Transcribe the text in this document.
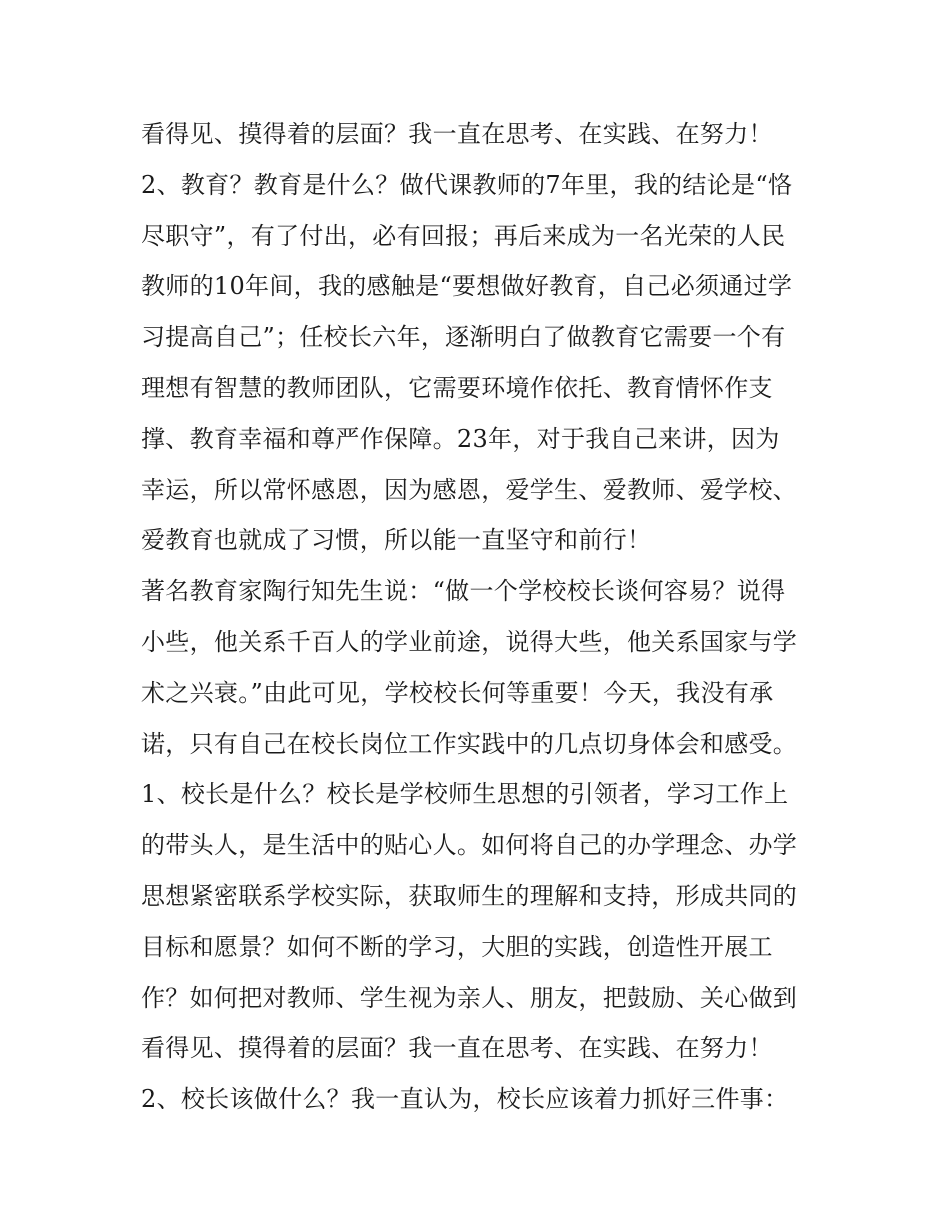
看得见、摸得着的层面？我一直在思考、在实践、在努力！
2、教育？教育是什么？做代课教师的7年里，我的结论是“恪
尽职守”，有了付出，必有回报；再后来成为一名光荣的人民
教师的10年间，我的感触是“要想做好教育，自己必须通过学
习提高自己”；任校长六年，逐渐明白了做教育它需要一个有
理想有智慧的教师团队，它需要环境作依托、教育情怀作支
撑、教育幸福和尊严作保障。23年，对于我自己来讲，因为
幸运，所以常怀感恩，因为感恩，爱学生、爱教师、爱学校、
爱教育也就成了习惯，所以能一直坚守和前行！
著名教育家陶行知先生说：“做一个学校校长谈何容易？说得
小些，他关系千百人的学业前途，说得大些，他关系国家与学
术之兴衰。”由此可见，学校校长何等重要！今天，我没有承
诺，只有自己在校长岗位工作实践中的几点切身体会和感受。
1、校长是什么？校长是学校师生思想的引领者，学习工作上
的带头人，是生活中的贴心人。如何将自己的办学理念、办学
思想紧密联系学校实际，获取师生的理解和支持，形成共同的
目标和愿景？如何不断的学习，大胆的实践，创造性开展工
作？如何把对教师、学生视为亲人、朋友，把鼓励、关心做到
看得见、摸得着的层面？我一直在思考、在实践、在努力！
2、校长该做什么？我一直认为，校长应该着力抓好三件事：
